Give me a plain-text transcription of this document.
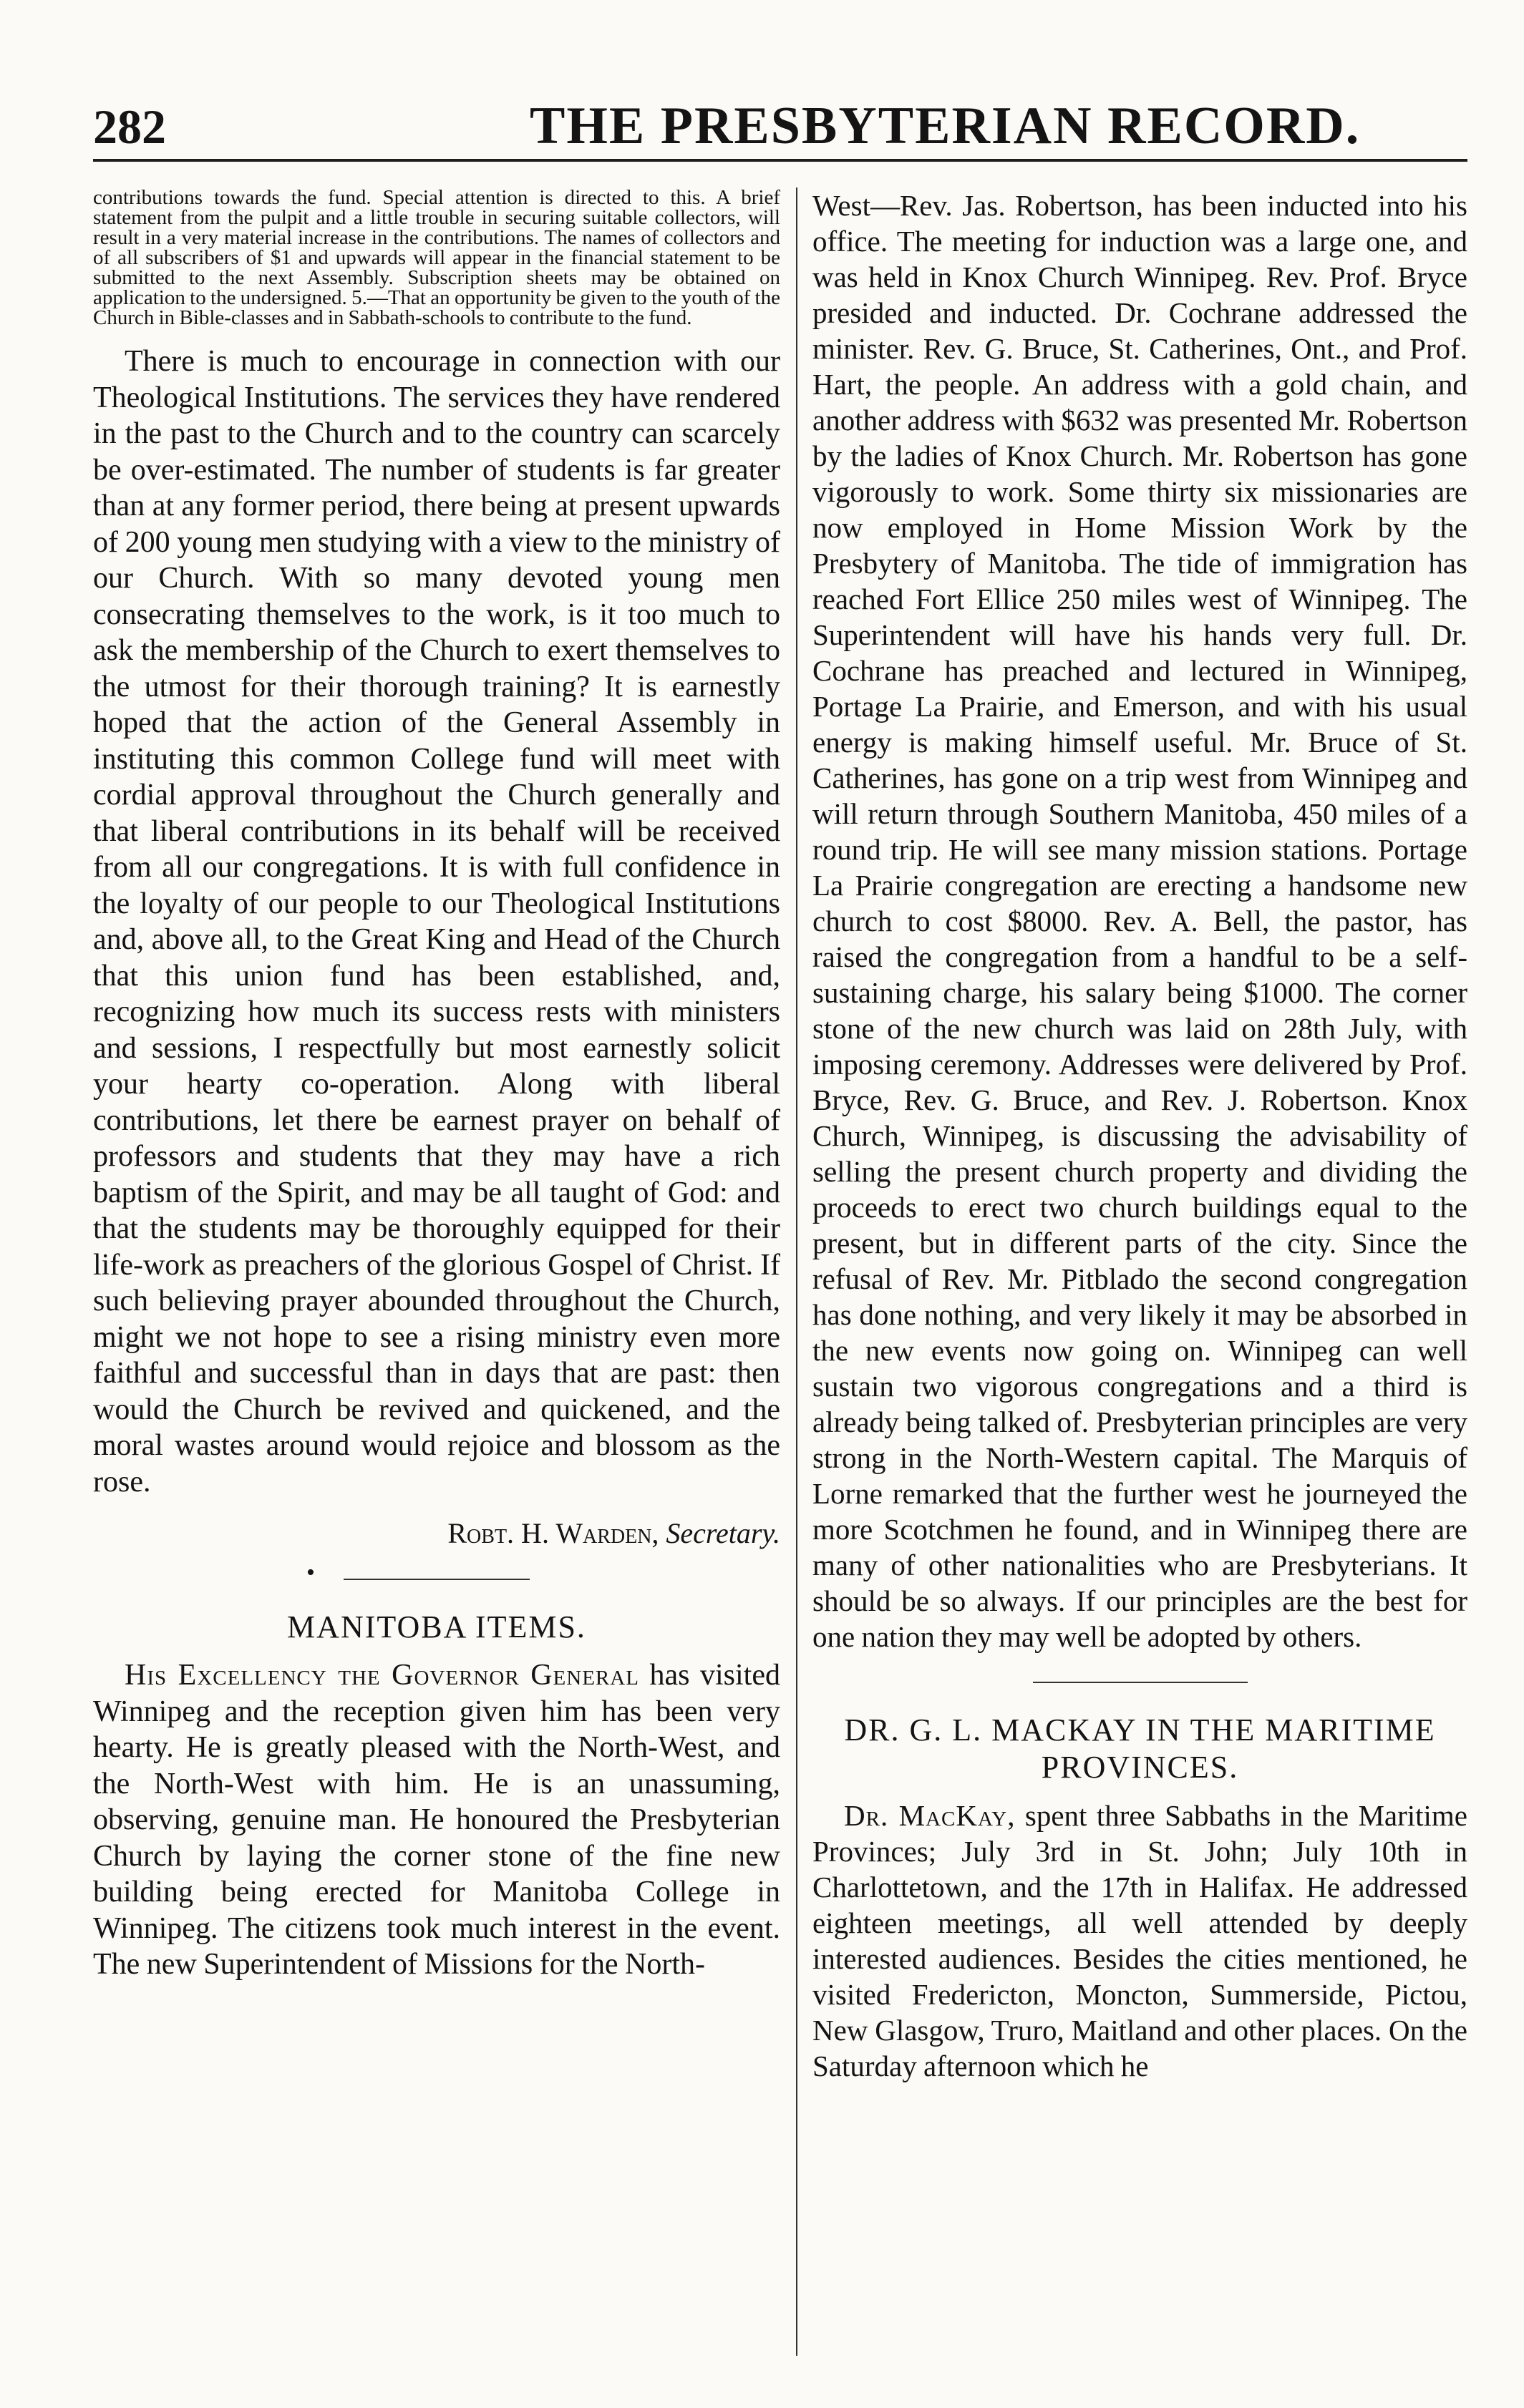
282	THE PRESBYTERIAN RECORD.

contributions towards the fund. Special attention is directed to this. A brief statement from the pulpit and a little trouble in securing suitable collectors, will result in a very material increase in the contributions. The names of collectors and of all subscribers of $1 and upwards will appear in the financial statement to be submitted to the next Assembly. Subscription sheets may be obtained on application to the undersigned. 5.—That an opportunity be given to the youth of the Church in Bible-classes and in Sabbath-schools to contribute to the fund.

There is much to encourage in connection with our Theological Institutions. The services they have rendered in the past to the Church and to the country can scarcely be over-estimated. The number of students is far greater than at any former period, there being at present upwards of 200 young men studying with a view to the ministry of our Church. With so many devoted young men consecrating themselves to the work, is it too much to ask the membership of the Church to exert themselves to the utmost for their thorough training? It is earnestly hoped that the action of the General Assembly in instituting this common College fund will meet with cordial approval throughout the Church generally and that liberal contributions in its behalf will be received from all our congregations. It is with full confidence in the loyalty of our people to our Theological Institutions and, above all, to the Great King and Head of the Church that this union fund has been established, and, recognizing how much its success rests with ministers and sessions, I respectfully but most earnestly solicit your hearty co-operation. Along with liberal contributions, let there be earnest prayer on behalf of professors and students that they may have a rich baptism of the Spirit, and may be all taught of God: and that the students may be thoroughly equipped for their life-work as preachers of the glorious Gospel of Christ. If such believing prayer abounded throughout the Church, might we not hope to see a rising ministry even more faithful and successful than in days that are past: then would the Church be revived and quickened, and the moral wastes around would rejoice and blossom as the rose.

Robt. H. Warden, Secretary.

•
MANITOBA ITEMS.

His Excellency the Governor General has visited Winnipeg and the reception given him has been very hearty. He is greatly pleased with the North-West, and the North-West with him. He is an unassuming, observing, genuine man. He honoured the Presbyterian Church by laying the corner stone of the fine new building being erected for Manitoba College in Winnipeg. The citizens took much interest in the event. The new Superintendent of Missions for the North-

West—Rev. Jas. Robertson, has been inducted into his office. The meeting for induction was a large one, and was held in Knox Church Winnipeg. Rev. Prof. Bryce presided and inducted. Dr. Cochrane addressed the minister. Rev. G. Bruce, St. Catherines, Ont., and Prof. Hart, the people. An address with a gold chain, and another address with $632 was presented Mr. Robertson by the ladies of Knox Church. Mr. Robertson has gone vigorously to work. Some thirty six missionaries are now employed in Home Mission Work by the Presbytery of Manitoba. The tide of immigration has reached Fort Ellice 250 miles west of Winnipeg. The Superintendent will have his hands very full. Dr. Cochrane has preached and lectured in Winnipeg, Portage La Prairie, and Emerson, and with his usual energy is making himself useful. Mr. Bruce of St. Catherines, has gone on a trip west from Winnipeg and will return through Southern Manitoba, 450 miles of a round trip. He will see many mission stations. Portage La Prairie congregation are erecting a handsome new church to cost $8000. Rev. A. Bell, the pastor, has raised the congregation from a handful to be a self-sustaining charge, his salary being $1000. The corner stone of the new church was laid on 28th July, with imposing ceremony. Addresses were delivered by Prof. Bryce, Rev. G. Bruce, and Rev. J. Robertson. Knox Church, Winnipeg, is discussing the advisability of selling the present church property and dividing the proceeds to erect two church buildings equal to the present, but in different parts of the city. Since the refusal of Rev. Mr. Pitblado the second congregation has done nothing, and very likely it may be absorbed in the new events now going on. Winnipeg can well sustain two vigorous congregations and a third is already being talked of. Presbyterian principles are very strong in the North-Western capital. The Marquis of Lorne remarked that the further west he journeyed the more Scotchmen he found, and in Winnipeg there are many of other nationalities who are Presbyterians. It should be so always. If our principles are the best for one nation they may well be adopted by others.

DR. G. L. MACKAY IN THE MARITIME PROVINCES.

Dr. MacKay, spent three Sabbaths in the Maritime Provinces; July 3rd in St. John; July 10th in Charlottetown, and the 17th in Halifax. He addressed eighteen meetings, all well attended by deeply interested audiences. Besides the cities mentioned, he visited Fredericton, Moncton, Summerside, Pictou, New Glasgow, Truro, Maitland and other places. On the Saturday afternoon which he
